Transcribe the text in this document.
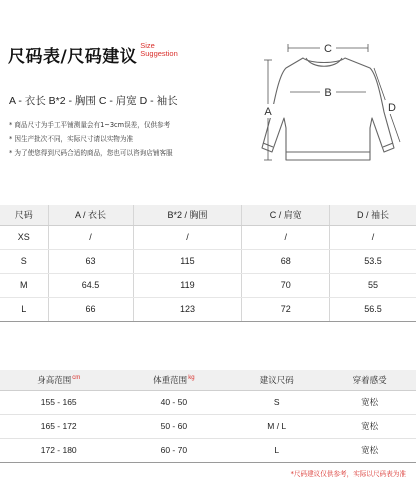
尺码表/尺码建议
Size
Suggestion
A - 衣长 B*2 - 胸围 C - 肩宽 D - 袖长
* 商品尺寸为手工平铺测量会有1~3cm误差，仅供参考
* 因生产批次不同，实际尺寸请以实物为准
* 为了使您得到尺码合适的商品，您也可以咨询店铺客服
C
B
A	D
尺码	A / 衣长	B*2 / 胸围	C / 肩宽	D / 袖长
XS	/	/	/	/
S	63	115	68	53.5
M	64.5	119	70	55
L	66	123	72	56.5
身高范围$^{cm}$	体重范围$^{kg}$	建议尺码	穿着感受
155 - 165	40 - 50	S	宽松
165 - 172	50 - 60	M / L	宽松
172 - 180	60 - 70	L	宽松
*尺码建议仅供参考，实际以尺码表为准
